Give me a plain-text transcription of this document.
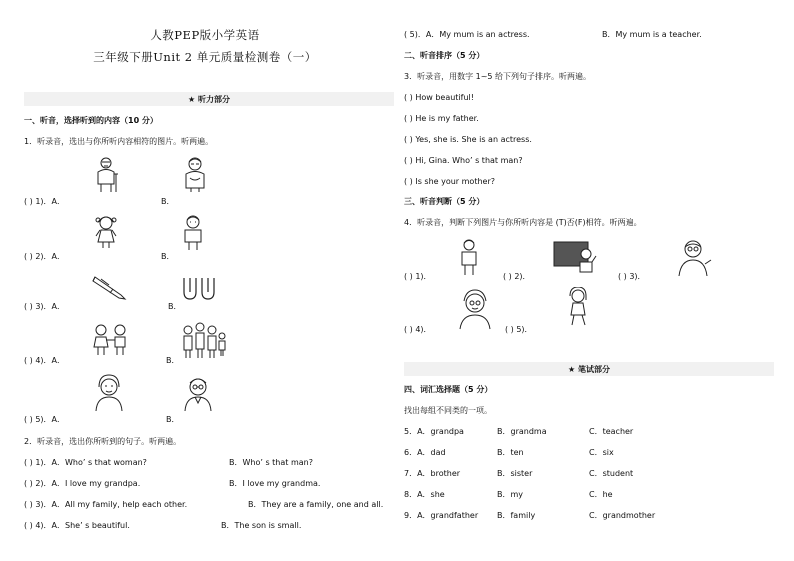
人教PEP版小学英语
三年级下册Unit 2 单元质量检测卷（一）
★ 听力部分
一、听音，选择听到的内容（10 分）
1．听录音，选出与你所听内容相符的图片。听两遍。
( ) 1)．A．	B．
( ) 2)．A．	B．
( ) 3)．A．	B．
( ) 4)．A．	B．
( ) 5)．A．	B．
2．听录音，选出你所听到的句子。听两遍。
( ) 1)．A．Who’ s that woman?	B．Who’ s that man?
( ) 2)．A．I love my grandpa.	B．I love my grandma.
( ) 3)．A．All my family, help each other.	B．They are a family, one and all.
( ) 4)．A．She’ s beautiful.	B．The son is small.
( 5)．A．My mum is an actress.	B．My mum is a teacher.
二、听音排序（5 分）
3．听录音，用数字 1~5 给下列句子排序。听两遍。
( ) How beautiful!
( ) He is my father.
( ) Yes, she is. She is an actress.
( ) Hi, Gina. Who’ s that man?
( ) Is she your mother?
三、听音判断（5 分）
4．听录音，判断下列图片与你所听内容是 (T)否(F)相符。听两遍。
( ) 1)．	( ) 2)．	( ) 3)．
( ) 4)．	( ) 5)．
★ 笔试部分
四、词汇选择题（5 分）
找出每组不同类的一项。
5．A．grandpa	B．grandma	C．teacher
6．A．dad	B．ten	C．six
7．A．brother	B．sister	C．student
8．A．she	B．my	C．he
9．A．grandfather B．family	C．grandmother
